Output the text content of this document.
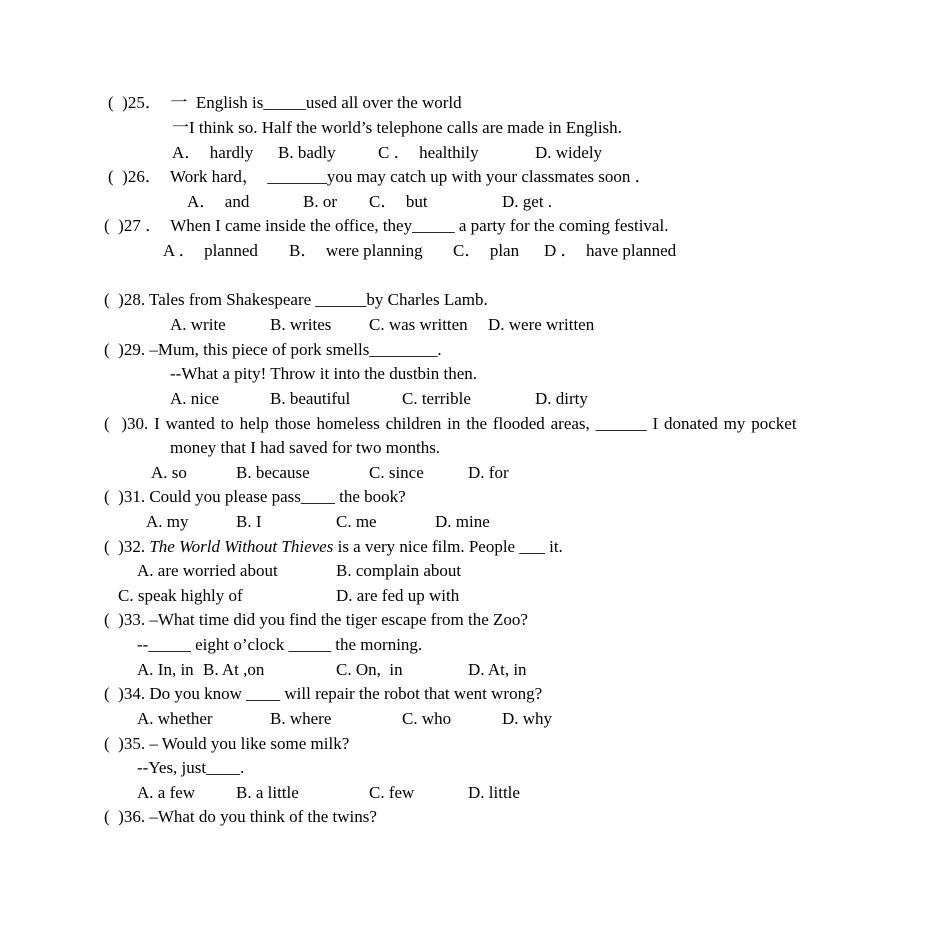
(  )25．  一  English is_____used all over the world
一I think so. Half the world’s telephone calls are made in English.
A．  hardly B. badly C ．  healthily	D. widely
(  )26．  Work hard，  _______you may catch up with your classmates soon ．
A．  and	B. or C．  but	D. get .
(  )27 ．  When I came inside the office, they_____ a party for the coming festival.
A ．  planned B．  were planning C．  plan D ．  have planned
(  )28. Tales from Shakespeare ______by Charles Lamb.
A. write	B. writes C. was written D. were written
(  )29. –Mum, this piece of pork smells________.
--What a pity! Throw it into the dustbin then.
A. nice	B. beautiful	C. terrible	D. dirty
(  )30. I wanted to help those homeless children in the flooded areas, ______ I donated my pocket
money that I had saved for two months.
A. so	B. because	C. since	D. for
(  )31. Could you please pass____ the book?
A. my	B. I	C. me	D. mine
(  )32. The World Without Thieves is a very nice film. People ___ it.
A. are worried about	B. complain about
C. speak highly of	D. are fed up with
(  )33. –What time did you find the tiger escape from the Zoo?
--_____ eight o’clock _____ the morning.
A. In, in B. At ,on	C. On,  in	D. At, in
(  )34. Do you know ____ will repair the robot that went wrong?
A. whether	B. where	C. who	D. why
(  )35. – Would you like some milk?
--Yes, just____.
A. a few B. a little	C. few	D. little
(  )36. –What do you think of the twins?
